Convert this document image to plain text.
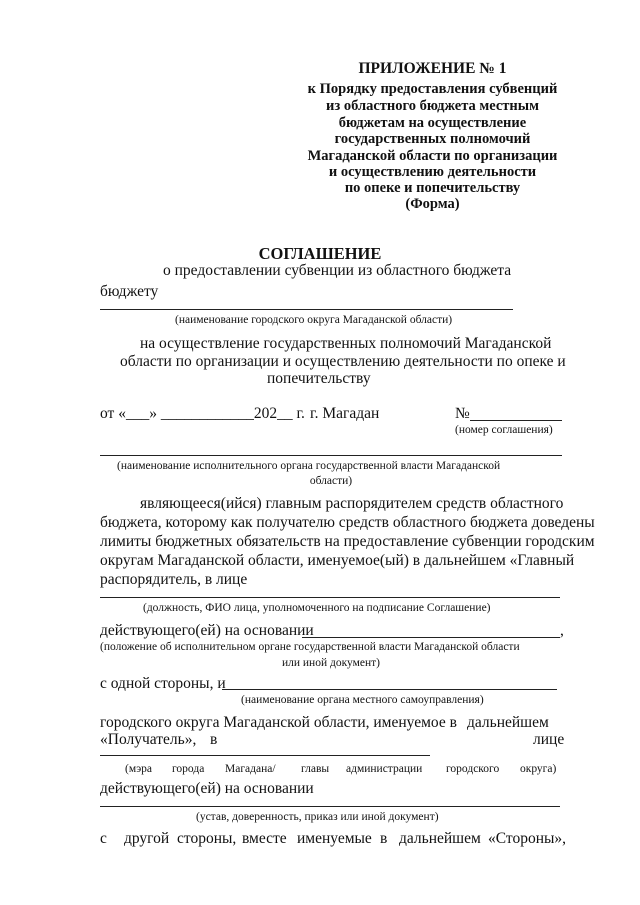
ПРИЛОЖЕНИЕ № 1
к Порядку предоставления субвенций
из областного бюджета местным
бюджетам на осуществление
государственных полномочий
Магаданской области по организации
и осуществлению деятельности
по опеке и попечительству
(Форма)
СОГЛАШЕНИЕ
о предоставлении субвенции из областного бюджета
бюджету
(наименование городского округа Магаданской области)
на осуществление государственных полномочий Магаданской
области по организации и осуществлению деятельности по опеке и
попечительству
от «___» ____________202__ г. г. Магадан	№
(номер соглашения)
(наименование исполнительного органа государственной власти Магаданской
области)
являющееся(ийся) главным распорядителем средств областного
бюджета, которому как получателю средств областного бюджета доведены
лимиты бюджетных обязательств на предоставление субвенции городским
округам Магаданской области, именуемое(ый) в дальнейшем «Главный
распорядитель, в лице
(должность, ФИО лица, уполномоченного на подписание Соглашение)
действующего(ей) на основании	,
(положение об исполнительном органе государственной власти Магаданской области
или иной документ)
с одной стороны, и
(наименование органа местного самоуправления)
городского округа Магаданской области, именуемое в дальнейшем
«Получатель», в	лице
(мэра города Магадана/ главы администрации городского округа)
действующего(ей) на основании
(устав, доверенность, приказ или иной документ)
с другой стороны, вместе именуемые в дальнейшем «Стороны»,
